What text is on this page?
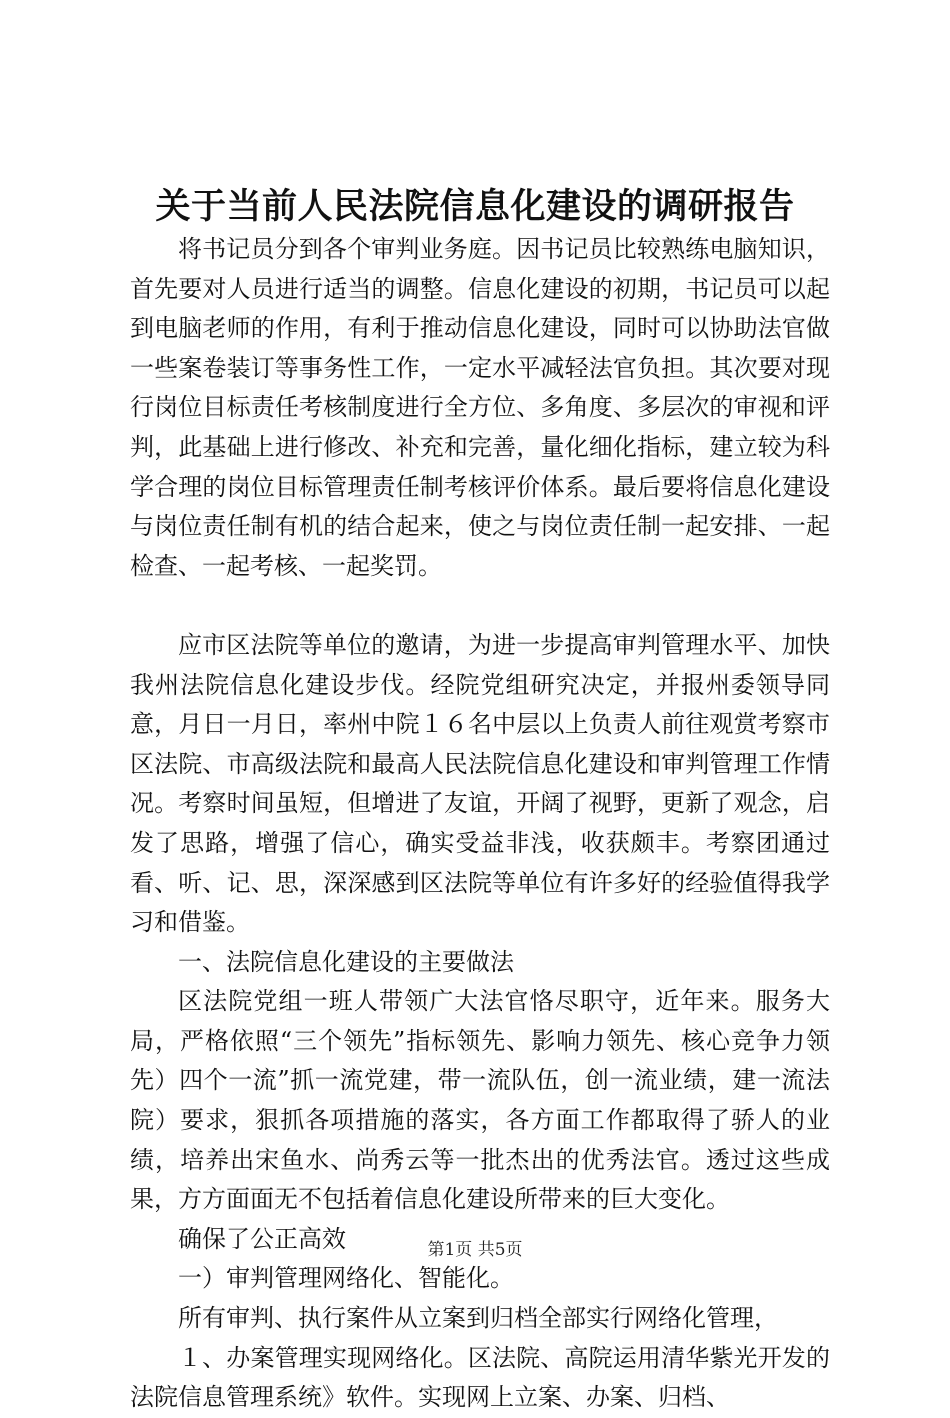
关于当前人民法院信息化建设的调研报告

将书记员分到各个审判业务庭。因书记员比较熟练电脑知识，首先要对人员进行适当的调整。信息化建设的初期，书记员可以起到电脑老师的作用，有利于推动信息化建设，同时可以协助法官做一些案卷装订等事务性工作，一定水平减轻法官负担。其次要对现行岗位目标责任考核制度进行全方位、多角度、多层次的审视和评判，此基础上进行修改、补充和完善，量化细化指标，建立较为科学合理的岗位目标管理责任制考核评价体系。最后要将信息化建设与岗位责任制有机的结合起来，使之与岗位责任制一起安排、一起检查、一起考核、一起奖罚。

应市区法院等单位的邀请，为进一步提高审判管理水平、加快我州法院信息化建设步伐。经院党组研究决定，并报州委领导同意，月日一月日，率州中院１６名中层以上负责人前往观赏考察市区法院、市高级法院和最高人民法院信息化建设和审判管理工作情况。考察时间虽短，但增进了友谊，开阔了视野，更新了观念，启发了思路，增强了信心，确实受益非浅，收获颇丰。考察团通过看、听、记、思，深深感到区法院等单位有许多好的经验值得我学习和借鉴。

一、法院信息化建设的主要做法

区法院党组一班人带领广大法官恪尽职守，近年来。服务大局，严格依照“三个领先”指标领先、影响力领先、核心竞争力领先）四个一流”抓一流党建，带一流队伍，创一流业绩，建一流法院）要求，狠抓各项措施的落实，各方面工作都取得了骄人的业绩，培养出宋鱼水、尚秀云等一批杰出的优秀法官。透过这些成果，方方面面无不包括着信息化建设所带来的巨大变化。

确保了公正高效

一）审判管理网络化、智能化。

所有审判、执行案件从立案到归档全部实行网络化管理，

１、办案管理实现网络化。区法院、高院运用清华紫光开发的法院信息管理系统》软件。实现网上立案、办案、归档、

第1页 共5页
